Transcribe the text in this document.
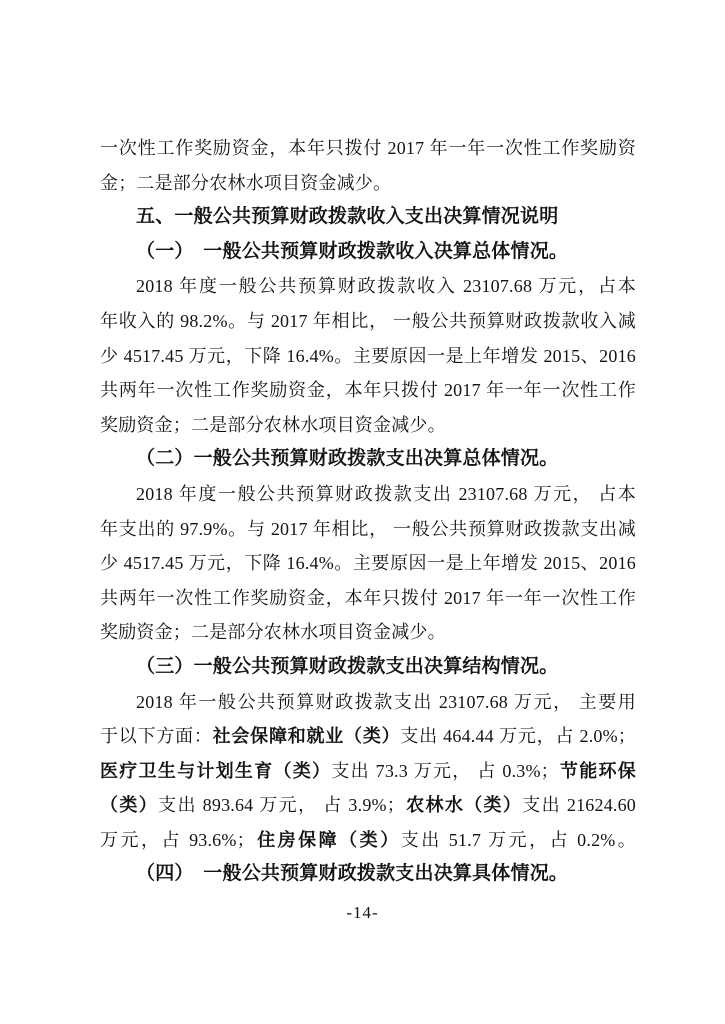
一次性工作奖励资金，本年只拨付 2017 年一年一次性工作奖励资
金；二是部分农林水项目资金减少。
五、一般公共预算财政拨款收入支出决算情况说明
（一）　一般公共预算财政拨款收入决算总体情况。
2018 年度一般公共预算财政拨款收入 23107.68 万元，占本
年收入的 98.2%。与 2017 年相比， 一般公共预算财政拨款收入减
少 4517.45 万元，下降 16.4%。主要原因一是上年增发 2015、2016
共两年一次性工作奖励资金，本年只拨付 2017 年一年一次性工作
奖励资金；二是部分农林水项目资金减少。
（二）一般公共预算财政拨款支出决算总体情况。
2018 年度一般公共预算财政拨款支出 23107.68 万元， 占本
年支出的 97.9%。与 2017 年相比， 一般公共预算财政拨款支出减
少 4517.45 万元，下降 16.4%。主要原因一是上年增发 2015、2016
共两年一次性工作奖励资金，本年只拨付 2017 年一年一次性工作
奖励资金；二是部分农林水项目资金减少。
（三）一般公共预算财政拨款支出决算结构情况。
2018 年一般公共预算财政拨款支出 23107.68 万元， 主要用
于以下方面：社会保障和就业（类）支出 464.44 万元，占 2.0%；
医疗卫生与计划生育（类）支出 73.3 万元， 占 0.3%；节能环保
（类）支出 893.64 万元， 占 3.9%；农林水（类）支出 21624.60
万元，占 93.6%；住房保障（类）支出 51.7 万元，占 0.2%。
（四）　一般公共预算财政拨款支出决算具体情况。
-14-
